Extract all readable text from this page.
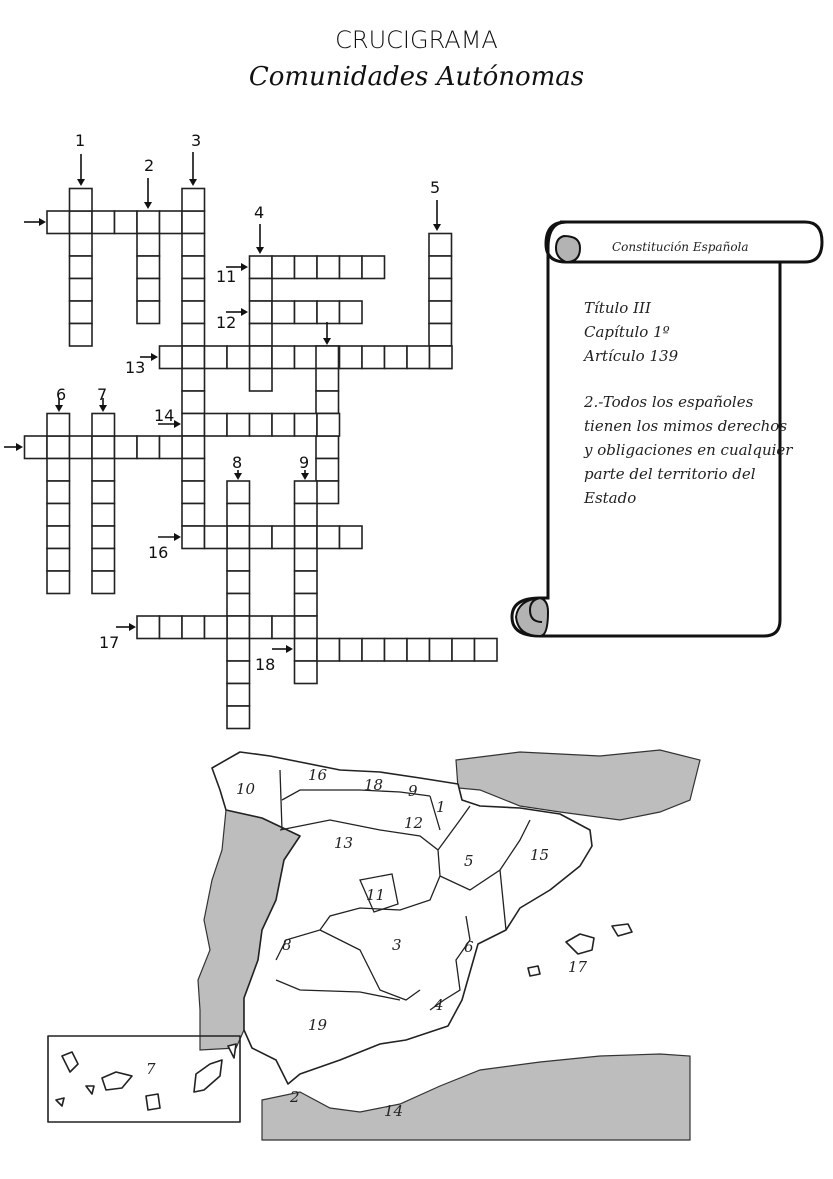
CRUCIGRAMA
Comunidades Autónomas
1
2
3
4
5
6 7
8	9
11
12
13
14
16
17
18
Constitución Española
Título III
Capítulo 1º
Artículo 139
2.-Todos los españoles tienen los mimos derechos y obligaciones en cualquier parte del territorio del Estado
10
16
18 9
1
12
13
5	15
11
3
8	6
17
4
19
7
2
14
